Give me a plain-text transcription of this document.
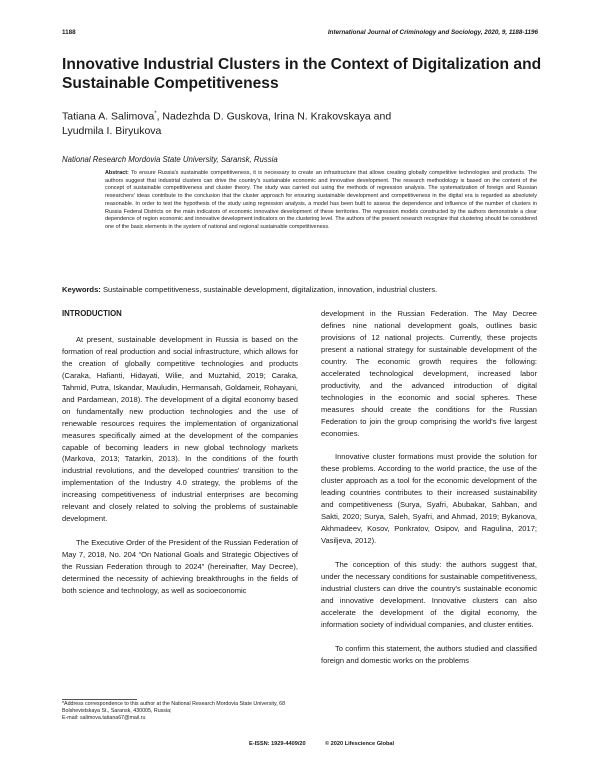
1188	International Journal of Criminology and Sociology, 2020, 9, 1188-1196
Innovative Industrial Clusters in the Context of Digitalization and Sustainable Competitiveness
Tatiana A. Salimova*, Nadezhda D. Guskova, Irina N. Krakovskaya and
Lyudmila I. Biryukova
National Research Mordovia State University, Saransk, Russia
Abstract: To ensure Russia's sustainable competitiveness, it is necessary to create an infrastructure that allows creating globally competitive technologies and products. The authors suggest that industrial clusters can drive the country's sustainable economic and innovative development. The research methodology is based on the content of the concept of sustainable competitiveness and cluster theory. The study was carried out using the methods of regression analysis. The systematization of foreign and Russian researchers' ideas contribute to the conclusion that the cluster approach for ensuring sustainable development and competitiveness in the digital era is regarded as absolutely reasonable. In order to test the hypothesis of the study using regression analysis, a model has been built to assess the dependence and influence of the number of clusters in Russia Federal Districts on the main indicators of economic innovative development of these territories. The regression models constructed by the authors demonstrate a clear dependence of region economic and innovative development indicators on the clustering level. The authors of the present research recognize that clustering should be considered one of the basic elements in the system of national and regional sustainable competitiveness.
Keywords: Sustainable competitiveness, sustainable development, digitalization, innovation, industrial clusters.

INTRODUCTION

At present, sustainable development in Russia is based on the formation of real production and social infrastructure, which allows for the creation of globally competitive technologies and products (Caraka, Hafianti, Hidayati, Wilie, and Muztahid, 2019; Caraka, Tahmid, Putra, Iskandar, Mauludin, Hermansah, Goldameir, Rohayani, and Pardamean, 2018). The development of a digital economy based on fundamentally new production technologies and the use of renewable resources requires the implementation of organizational measures specifically aimed at the development of the companies capable of becoming leaders in new global technology markets (Markova, 2013; Tatarkin, 2013). In the conditions of the fourth industrial revolutions, and the developed countries' transition to the implementation of the Industry 4.0 strategy, the problems of the increasing competitiveness of industrial enterprises are becoming relevant and closely related to solving the problems of sustainable development.

The Executive Order of the President of the Russian Federation of May 7, 2018, No. 204 “On National Goals and Strategic Objectives of the Russian Federation through to 2024” (hereinafter, May Decree), determined the necessity of achieving breakthroughs in the fields of both science and technology, as well as socioeconomic

development in the Russian Federation. The May Decree defines nine national development goals, outlines basic provisions of 12 national projects. Currently, these projects present a national strategy for sustainable development of the country. The economic growth requires the following: accelerated technological development, increased labor productivity, and the advanced introduction of digital technologies in the economic and social spheres. These measures should create the conditions for the Russian Federation to join the group comprising the world's five largest economies.

Innovative cluster formations must provide the solution for these problems. According to the world practice, the use of the cluster approach as a tool for the economic development of the leading countries contributes to their increased sustainability and competitiveness (Surya, Syafri, Abubakar, Sahban, and Sakti, 2020; Surya, Saleh, Syafri, and Ahmad, 2019; Bykanova, Akhmadeev, Kosov, Ponkratov, Osipov, and Ragulina, 2017; Vasiljeva, 2012).

The conception of this study: the authors suggest that, under the necessary conditions for sustainable competitiveness, industrial clusters can drive the country's sustainable economic and innovative development. Innovative clusters can also accelerate the development of the digital economy, the information society of individual companies, and cluster entities.

To confirm this statement, the authors studied and classified foreign and domestic works on the problems

*Address correspondence to this author at the National Research Mordovia State University, 68 Bolshevistskaya St., Saransk, 430005, Russia;
E-mail: salimova.tatiana67@mail.ru
E-ISSN: 1929-4409/20	© 2020 Lifescience Global
